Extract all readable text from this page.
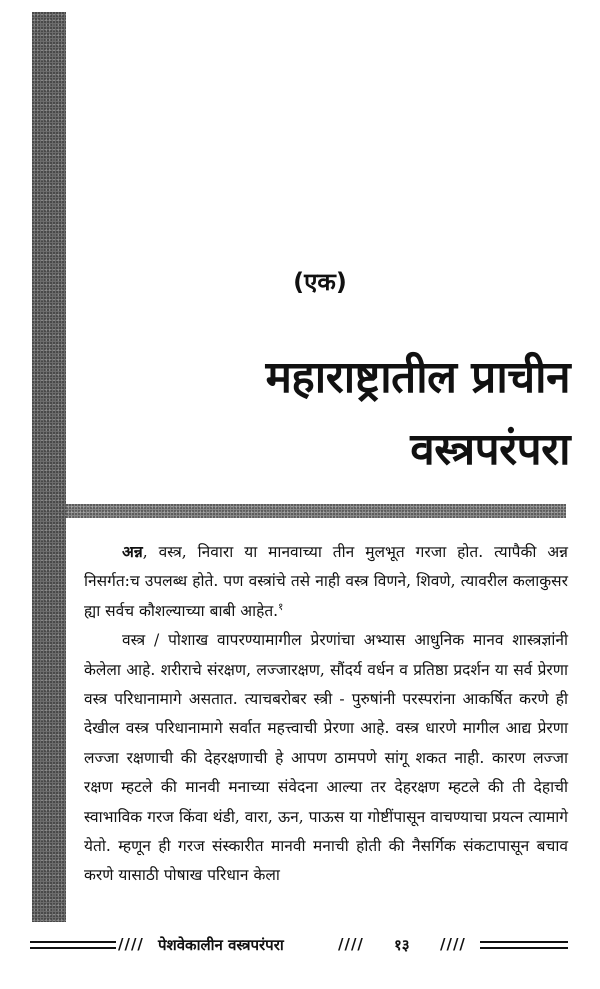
(एक)
महाराष्ट्रातील प्राचीन
वस्त्रपरंपरा

अन्न, वस्त्र, निवारा या मानवाच्या तीन मुलभूत गरजा होत. त्यापैकी अन्न निसर्गत:च उपलब्ध होते. पण वस्त्रांचे तसे नाही वस्त्र विणने, शिवणे, त्यावरील कलाकुसर ह्या सर्वच कौशल्याच्या बाबी आहेत.$^१$

वस्त्र / पोशाख वापरण्यामागील प्रेरणांचा अभ्यास आधुनिक मानव शास्त्रज्ञांनी केलेला आहे. शरीराचे संरक्षण, लज्जारक्षण, सौंदर्य वर्धन व प्रतिष्ठा प्रदर्शन या सर्व प्रेरणा वस्त्र परिधानामागे असतात. त्याचबरोबर स्त्री - पुरुषांनी परस्परांना आकर्षित करणे ही देखील वस्त्र परिधानामागे सर्वात महत्त्वाची प्रेरणा आहे. वस्त्र धारणे मागील आद्य प्रेरणा लज्जा रक्षणाची की देहरक्षणाची हे आपण ठामपणे सांगू शकत नाही. कारण लज्जा रक्षण म्हटले की मानवी मनाच्या संवेदना आल्या तर देहरक्षण म्हटले की ती देहाची स्वाभाविक गरज किंवा थंडी, वारा, ऊन, पाऊस या गोष्टींपासून वाचण्याचा प्रयत्न त्यामागे येतो. म्हणून ही गरज संस्कारीत मानवी मनाची होती की नैसर्गिक संकटापासून बचाव करणे यासाठी पोषाख परिधान केला

//// पेशवेकालीन वस्त्रपरंपरा	//// १३ ////
